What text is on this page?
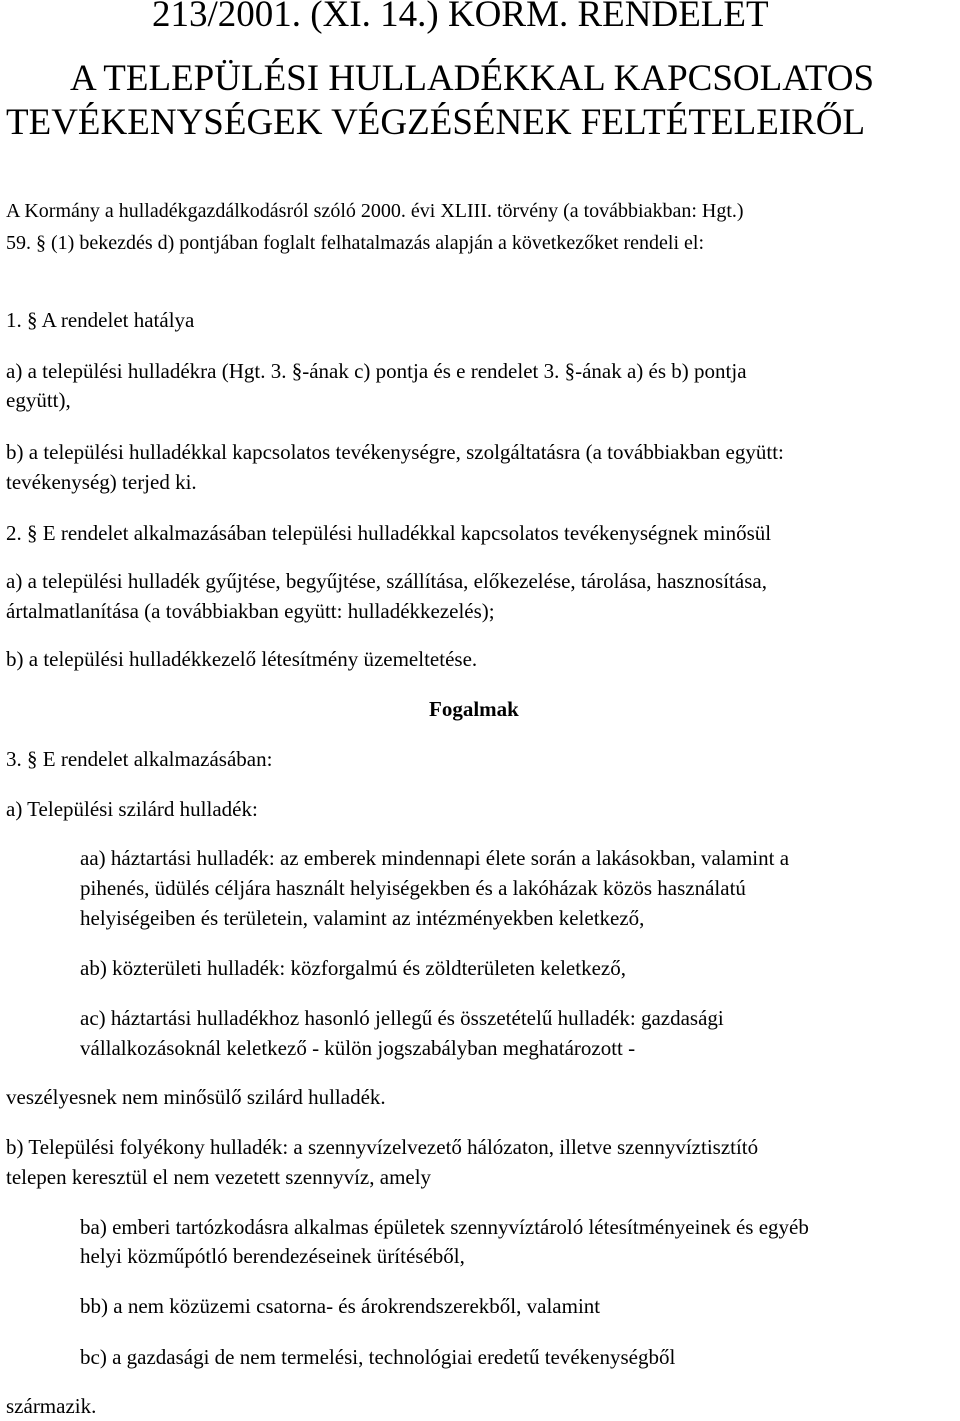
213/2001. (XI. 14.) KORM. RENDELET
A TELEPÜLÉSI HULLADÉKKAL KAPCSOLATOS
TEVÉKENYSÉGEK VÉGZÉSÉNEK FELTÉTELEIRŐL

A Kormány a hulladékgazdálkodásról szóló 2000. évi XLIII. törvény (a továbbiakban: Hgt.)

59. § (1) bekezdés d) pontjában foglalt felhatalmazás alapján a következőket rendeli el:

1. § A rendelet hatálya

a) a települési hulladékra (Hgt. 3. §-ának c) pontja és e rendelet 3. §-ának a) és b) pontja

együtt),

b) a települési hulladékkal kapcsolatos tevékenységre, szolgáltatásra (a továbbiakban együtt:

tevékenység) terjed ki.

2. § E rendelet alkalmazásában települési hulladékkal kapcsolatos tevékenységnek minősül

a) a települési hulladék gyűjtése, begyűjtése, szállítása, előkezelése, tárolása, hasznosítása,

ártalmatlanítása (a továbbiakban együtt: hulladékkezelés);

b) a települési hulladékkezelő létesítmény üzemeltetése.

Fogalmak

3. § E rendelet alkalmazásában:

a) Települési szilárd hulladék:

aa) háztartási hulladék: az emberek mindennapi élete során a lakásokban, valamint a

pihenés, üdülés céljára használt helyiségekben és a lakóházak közös használatú

helyiségeiben és területein, valamint az intézményekben keletkező,

ab) közterületi hulladék: közforgalmú és zöldterületen keletkező,

ac) háztartási hulladékhoz hasonló jellegű és összetételű hulladék: gazdasági

vállalkozásoknál keletkező - külön jogszabályban meghatározott -

veszélyesnek nem minősülő szilárd hulladék.

b) Települési folyékony hulladék: a szennyvízelvezető hálózaton, illetve szennyvíztisztító

telepen keresztül el nem vezetett szennyvíz, amely

ba) emberi tartózkodásra alkalmas épületek szennyvíztároló létesítményeinek és egyéb

helyi közműpótló berendezéseinek ürítéséből,

bb) a nem közüzemi csatorna- és árokrendszerekből, valamint

bc) a gazdasági de nem termelési, technológiai eredetű tevékenységből

származik.
